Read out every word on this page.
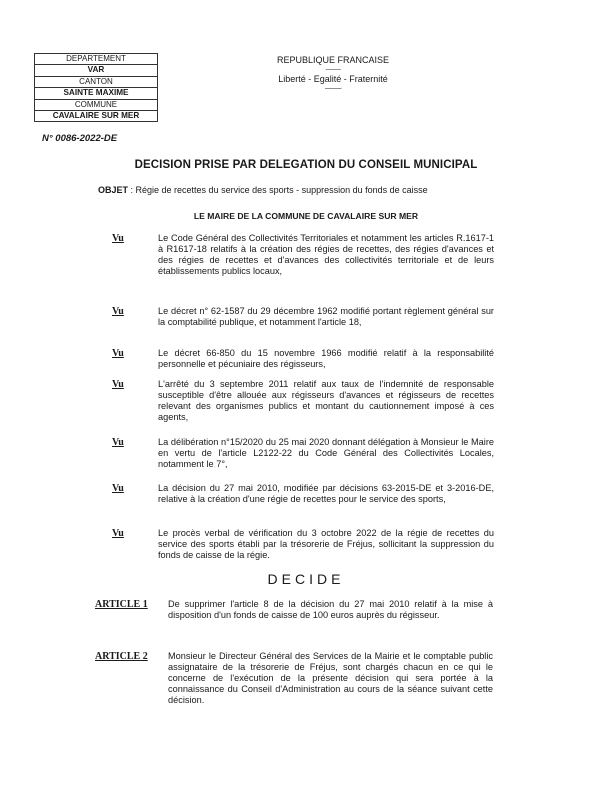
DEPARTEMENT
VAR
CANTON
SAINTE MAXIME
COMMUNE
CAVALAIRE SUR MER
REPUBLIQUE FRANCAISE
----------
Liberté - Egalité - Fraternité
-----------
N° 0086-2022-DE
DECISION PRISE PAR DELEGATION DU CONSEIL MUNICIPAL
OBJET : Régie de recettes du service des sports - suppression du fonds de caisse
LE MAIRE DE LA COMMUNE DE CAVALAIRE SUR MER
Vu	Le Code Général des Collectivités Territoriales et notamment les articles R.1617-1 à R1617-18 relatifs à la création des régies de recettes, des régies d'avances et des régies de recettes et d'avances des collectivités territoriale et de leurs établissements publics locaux,
Vu	Le décret n° 62-1587 du 29 décembre 1962 modifié portant règlement général sur la comptabilité publique, et notamment l'article 18,
Vu	Le décret 66-850 du 15 novembre 1966 modifié relatif à la responsabilité personnelle et pécuniaire des régisseurs,
Vu	L'arrêté du 3 septembre 2011 relatif aux taux de l'indemnité de responsable susceptible d'être allouée aux régisseurs d'avances et régisseurs de recettes relevant des organismes publics et montant du cautionnement imposé à ces agents,
Vu	La délibération n°15/2020 du 25 mai 2020 donnant délégation à Monsieur le Maire en vertu de l'article L2122-22 du Code Général des Collectivités Locales, notamment le 7°,
Vu	La décision du 27 mai 2010, modifiée par décisions 63-2015-DE et 3-2016-DE, relative à la création d'une régie de recettes pour le service des sports,
Vu	Le procès verbal de vérification du 3 octobre 2022 de la régie de recettes du service des sports établi par la trésorerie de Fréjus, sollicitant la suppression du fonds de caisse de la régie.
DECIDE
ARTICLE 1 De supprimer l'article 8 de la décision du 27 mai 2010 relatif à la mise à disposition d'un fonds de caisse de 100 euros auprès du régisseur.
ARTICLE 2 Monsieur le Directeur Général des Services de la Mairie et le comptable public assignataire de la trésorerie de Fréjus, sont chargés chacun en ce qui le concerne de l'exécution de la présente décision qui sera portée à la connaissance du Conseil d'Administration au cours de la séance suivant cette décision.
